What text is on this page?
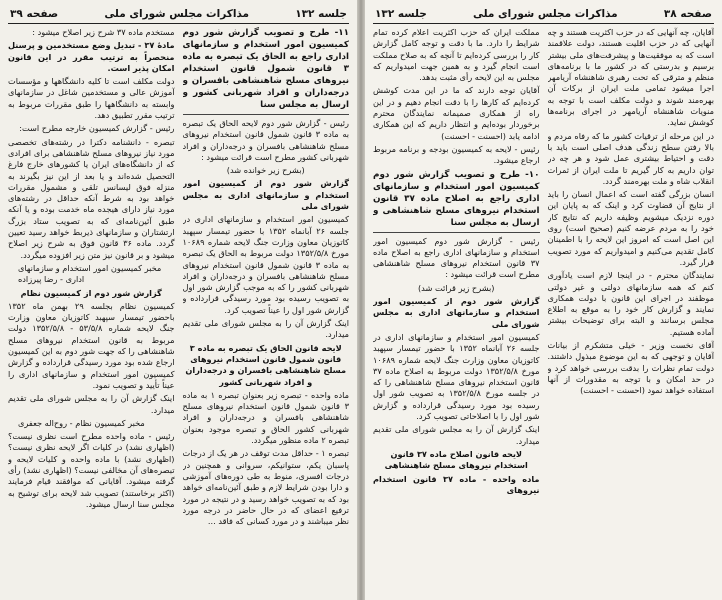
جلسه ۱۳۲
مذاکرات مجلس شورای ملی
صفحه ۳۹

۱۱- طرح و تصویب گزارش شور دوم کمیسیون امور استخدام و سازمانهای اداری راجع به الحاق یک تبصره به ماده ۳ قانون شمول قانون استخدام نیروهای مسلح شاهنشاهی بافسران و درجه‌داران و افراد شهربانی کشور و ارسال به مجلس سنا

رئیس - گزارش شور دوم لایحه الحاق یک تبصره به ماده ۳ قانون شمول قانون استخدام نیروهای مسلح شاهنشاهی بافسران و درجه‌داران و افراد شهربانی کشور مطرح است قرائت میشود :

(بشرح زیر خوانده شد)

گزارش شور دوم از کمیسیون امور استخدام و سازمانهای اداری به مجلس شورای ملی

کمیسیون امور استخدام و سازمانهای اداری در جلسه ۲۶ آبانماه ۱۳۵۲ با حضور تیمسار سپهبد کاتوزیان معاون وزارت جنگ لایحه شماره ۱۰۶۸۹ مورخ ۱۳۵۲/۵/۸ دولت مربوط به الحاق یک تبصره به ماده ۳ قانون شمول قانون استخدام نیروهای مسلح شاهنشاهی بافسران و درجه‌داران و افراد شهربانی کشور را که به موجب گزارش شور اول به تصویب رسیده بود مورد رسیدگی قرارداده و گزارش شور اول را عیناً تصویب کرد.

اینک گزارش آن را به مجلس شورای ملی تقدیم میدارد.

لایحه قانون الحاق یک تبصره به ماده ۳ قانون شمول قانون استخدام نیروهای مسلح شاهنشاهی بافسران و درجه‌داران و افراد شهربانی کشور

ماده واحده - تبصره زیر بعنوان تبصره ۱ به ماده ۳ قانون شمول قانون استخدام نیروهای مسلح شاهنشاهی بافسران و درجه‌داران و افراد شهربانی کشور الحاق و تبصره موجود بعنوان تبصره ۲ ماده منظور میگردد.

تبصره ۱ - حداقل مدت توقف در هر یک از درجات پاسبان یکم، ستوانیکم، سروانی و همچنین در درجات افسری، منوط به طی دوره‌های آموزشی و دارا بودن شرایط لازم و طبق آئین‌نامه‌ای خواهد بود که به تصویب خواهد رسید و در نتیجه در مورد ترفیع اعضای که در حال حاضر در درجه مورد نظر میباشند و در مورد کسانی که فاقد ...

مستخدم ماده ۳۷ شرح زیر اصلاح میشود :

مادهٔ ۳۷ - تبدیل وضع مستخدمین و پرسنل منحصراً به ترتیب مقرر در این قانون امکان پذیر است.

دولت مکلف است تا کلیه دانشگاهها و مؤسسات آموزش عالی و مستخدمین شاغل در سازمانهای وابسته به دانشگاهها را طبق مقررات مربوط به ترتیب مقرر تطبیق دهد.

رئیس - گزارش کمیسیون خارجه مطرح است:

تبصره - دانشنامه دکترا در رشته‌های تخصصی مورد نیاز نیروهای مسلح شاهنشاهی برای افرادی که از دانشگاه‌های ایران یا کشورهای خارج فارغ التحصیل شده‌اند و یا بعد از این نیز بگیرند به منزله فوق لیسانس تلقی و مشمول مقررات خواهد بود به شرط آنکه حداقل در رشته‌های مورد نیاز دارای هیجده ماه خدمت بوده و یا آنکه طبق آئین‌نامه‌ای که به تصویب ستاد بزرگ ارتشتاران و سازمانهای ذیربط خواهد رسید تعیین گردد. ماده ۳۶ قانون فوق به شرح زیر اصلاح میشود و بر قانون نیز متن زیر افزوده میگردد.

مخبر کمیسیون امور استخدام و سازمانهای اداری - رضا پیرزاده

گزارش شور دوم از کمیسیون نظام

کمیسیون نظام بجلسه ۲۹ بهمن ماه ۱۳۵۲ باحضور تیمسار سپهبد کاتوزیان معاون وزارت جنگ لایحه شماره ۵۳/۵/۸ - ۱۳۵۲/۵/۸ دولت مربوط به قانون استخدام نیروهای مسلح شاهنشاهی را که جهت شور دوم به این کمیسیون ارجاع شده بود مورد رسیدگی قرارداده و گزارش کمیسیون امور استخدام و سازمانهای اداری را عیناً تأیید و تصویب نمود.

اینک گزارش آن را به مجلس شورای ملی تقدیم میدارد.

مخبر کمیسیون نظام - روح‌اله جعفری

رئیس - ماده واحده مطرح است نظری نیست؟ (اظهاری نشد) در کلیات اگر لایحه نظری نیست؟ (اظهاری نشد) با ماده واحده و کلیات لایحه و تبصره‌های آن مخالفی نیست؟ (اظهاری نشد) رأی گرفته میشود. آقایانی که موافقند قیام فرمایند (اکثر برخاستند) تصویب شد لایحه برای توشیح به مجلس سنا ارسال میشود.

صفحه ۳۸
مذاکرات مجلس شورای ملی
جلسه ۱۳۲

آقایان، چه آنهایی که در حزب اکثریت هستند و چه آنهایی که در حزب اقلیت هستند، دولت علاقمند است که به موفقیت‌ها و پیشرفت‌های ملی بیشتر برسیم و بدرستی که در کشور ما با برنامه‌های منظم و مترقی که تحت رهبری شاهنشاه آریامهر اجرا میشود تمامی ملت ایران از برکات آن بهره‌مند شوند و دولت مکلف است با توجه به منویات شاهنشاه آریامهر در اجرای برنامه‌ها کوشش نماید.

در این مرحله از ترقیات کشور ما که رفاه مردم و بالا رفتن سطح زندگی هدف اصلی است باید با دقت و احتیاط بیشتری عمل شود و هر چه در توان داریم به کار گیریم تا ملت ایران از ثمرات انقلاب شاه و ملت بهره‌مند گردد.

انسان بزرگی گفته است که اعمال انسان را باید از نتایج آن قضاوت کرد و اینک که به پایان این دوره نزدیک میشویم وظیفه داریم که نتایج کار خود را به مردم عرضه کنیم (صحیح است) روی این اصل است که امروز این لایحه را با اطمینان کامل تقدیم می‌کنیم و امیدواریم که مورد تصویب قرار گیرد.

نمایندگان محترم - در اینجا لازم است یادآوری کنم که همه سازمانهای دولتی و غیر دولتی موظفند در اجرای این قانون با دولت همکاری نمایند و گزارش کار خود را به موقع به اطلاع مجلس برسانند و البته برای توضیحات بیشتر آماده هستیم.

آقای نخست وزیر - خیلی متشکرم از بیانات آقایان و توجهی که به این موضوع مبذول داشتند. دولت تمام نظرات را بدقت بررسی خواهد کرد و در حد امکان و با توجه به مقدورات از آنها استفاده خواهد نمود (احسنت - احسنت)

مملکت ایران که حزب اکثریت اعلام کرده تمام شرایط را دارد. ما با دقت و توجه کامل گزارش کار را بررسی کرده‌ایم تا آنچه که به صلاح مملکت است انجام گیرد و به همین جهت امیدواریم که مجلس به این لایحه رأی مثبت بدهد.

آقایان توجه دارند که ما در این مدت کوشش کرده‌ایم که کارها را با دقت انجام دهیم و در این راه از همکاری صمیمانه نمایندگان محترم برخوردار بوده‌ایم و انتظار داریم که این همکاری ادامه یابد (احسنت - احسنت)

رئیس - لایحه به کمیسیون بودجه و برنامه مربوط ارجاع میشود.

۱۰- طرح و تصویب گزارش شور دوم کمیسیون امور استخدام و سازمانهای اداری راجع به اصلاح ماده ۳۷ قانون استخدام نیروهای مسلح شاهنشاهی و ارسال به مجلس سنا

رئیس - گزارش شور دوم کمیسیون امور استخدام و سازمانهای اداری راجع به اصلاح ماده ۳۷ قانون استخدام نیروهای مسلح شاهنشاهی مطرح است قرائت میشود :

(بشرح زیر قرائت شد)

گزارش شور دوم از کمیسیون امور استخدام و سازمانهای اداری به مجلس شورای ملی

کمیسیون امور استخدام و سازمانهای اداری در جلسه ۲۶ آبانماه ۱۳۵۲ با حضور تیمسار سپهبد کاتوزیان معاون وزارت جنگ لایحه شماره ۱۰۶۸۹ مورخ ۱۳۵۲/۵/۸ دولت مربوط به اصلاح ماده ۳۷ قانون استخدام نیروهای مسلح شاهنشاهی را که در جلسه مورخ ۱۳۵۲/۵/۸ به تصویب شور اول رسیده بود مورد رسیدگی قرارداده و گزارش شور اول را با اصلاحاتی تصویب کرد.

اینک گزارش آن را به مجلس شورای ملی تقدیم میدارد.

لایحه قانون اصلاح ماده ۳۷ قانون استخدام نیروهای مسلح شاهنشاهی

ماده واحده - ماده ۳۷ قانون استخدام نیروهای
